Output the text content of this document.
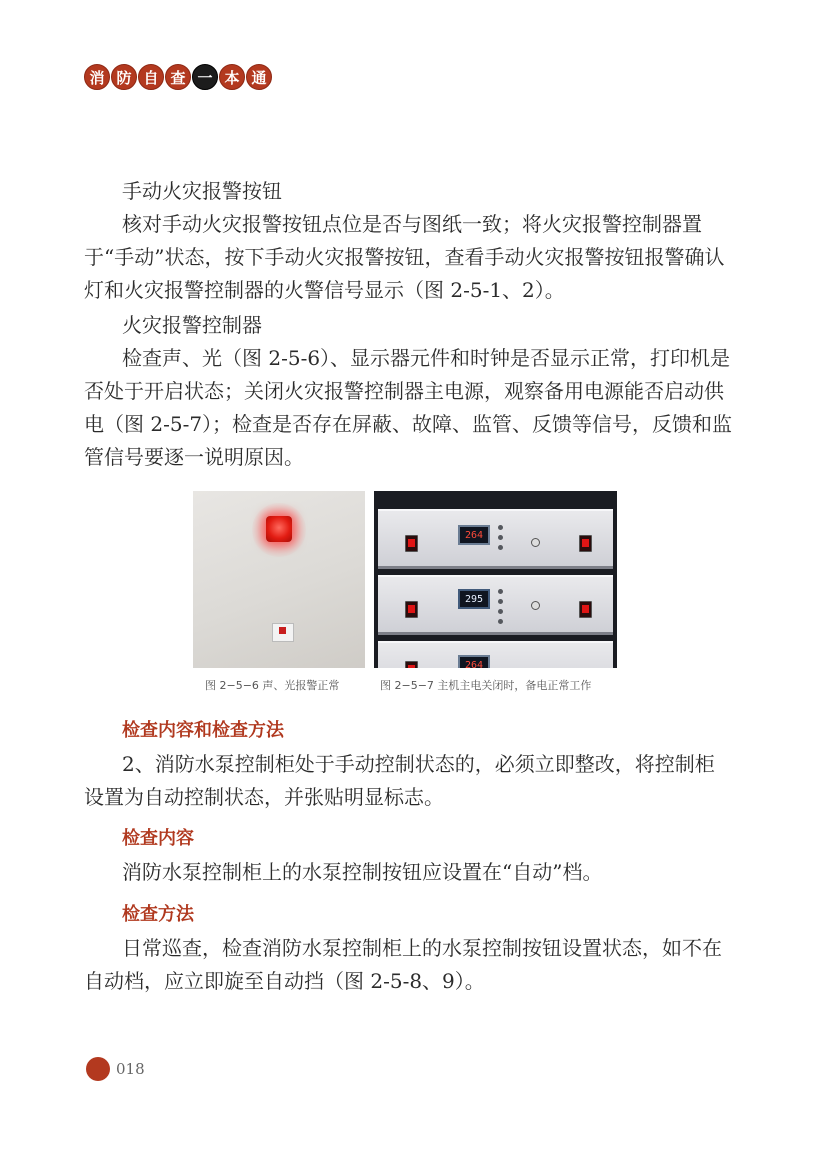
消 防 自 查 一 本 通

手动火灾报警按钮

核对手动火灾报警按钮点位是否与图纸一致；将火灾报警控制器置于“手动”状态，按下手动火灾报警按钮，查看手动火灾报警按钮报警确认灯和火灾报警控制器的火警信号显示（图 2-5-1、2）。

火灾报警控制器

检查声、光（图 2-5-6）、显示器元件和时钟是否显示正常，打印机是否处于开启状态；关闭火灾报警控制器主电源，观察备用电源能否启动供电（图 2-5-7）；检查是否存在屏蔽、故障、监管、反馈等信号，反馈和监管信号要逐一说明原因。

264
295
264
图 2−5−6 声、光报警正常	图 2−5−7 主机主电关闭时，备电正常工作

检查内容和检查方法

2、消防水泵控制柜处于手动控制状态的，必须立即整改，将控制柜设置为自动控制状态，并张贴明显标志。

检查内容

消防水泵控制柜上的水泵控制按钮应设置在“自动”档。

检查方法

日常巡查，检查消防水泵控制柜上的水泵控制按钮设置状态，如不在自动档，应立即旋至自动挡（图 2-5-8、9）。

018
